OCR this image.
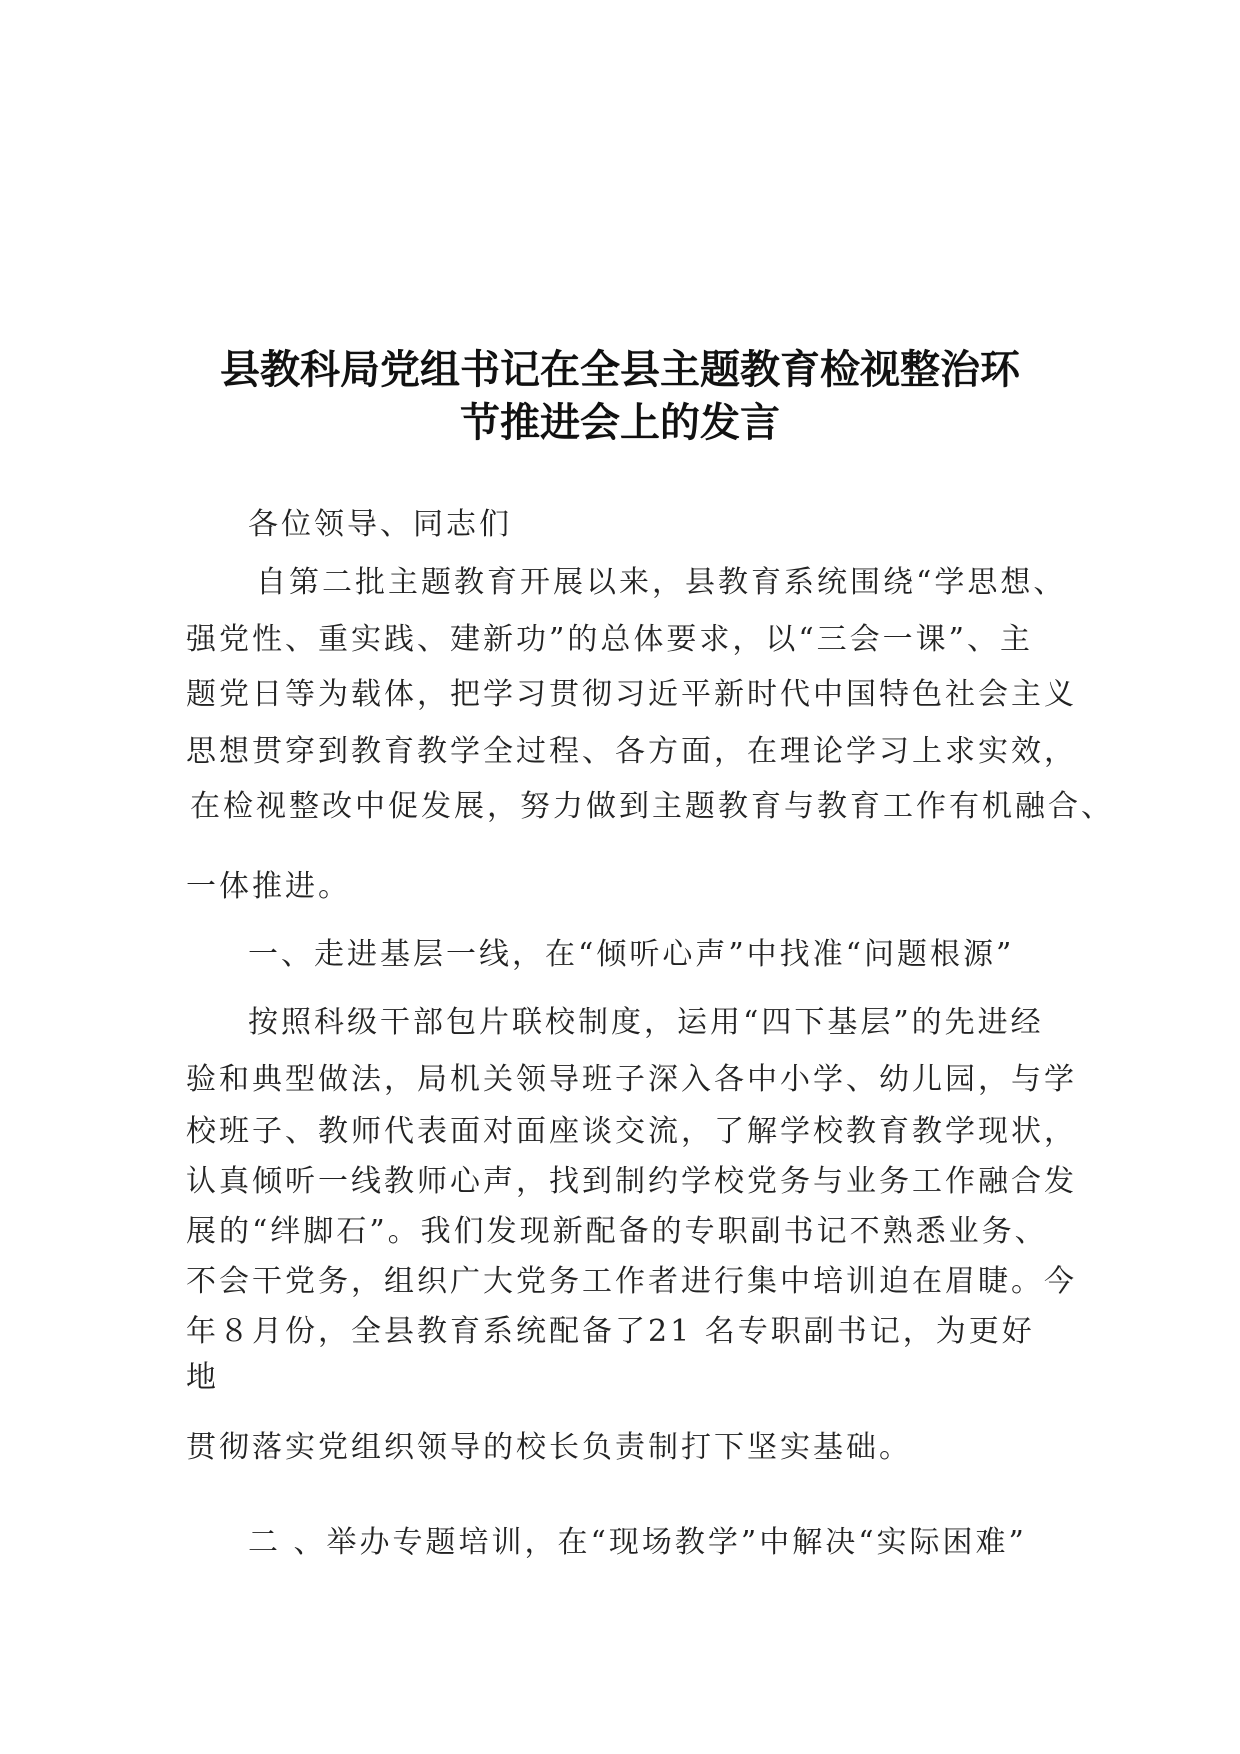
县教科局党组书记在全县主题教育检视整治环
节推进会上的发言
各位领导、同志们
自第二批主题教育开展以来，县教育系统围绕“学思想、
强党性、重实践、建新功”的总体要求，以“三会一课”、主
题党日等为载体，把学习贯彻习近平新时代中国特色社会主义
思想贯穿到教育教学全过程、各方面，在理论学习上求实效，
在检视整改中促发展，努力做到主题教育与教育工作有机融合、
一体推进。
一、走进基层一线，在“倾听心声”中找准“问题根源”
按照科级干部包片联校制度，运用“四下基层”的先进经
验和典型做法，局机关领导班子深入各中小学、幼儿园，与学
校班子、教师代表面对面座谈交流，了解学校教育教学现状，
认真倾听一线教师心声，找到制约学校党务与业务工作融合发
展的“绊脚石”。我们发现新配备的专职副书记不熟悉业务、
不会干党务，组织广大党务工作者进行集中培训迫在眉睫。今
年８月份，全县教育系统配备了21 名专职副书记，为更好
地
贯彻落实党组织领导的校长负责制打下坚实基础。
二 、举办专题培训，在“现场教学”中解决“实际困难”
